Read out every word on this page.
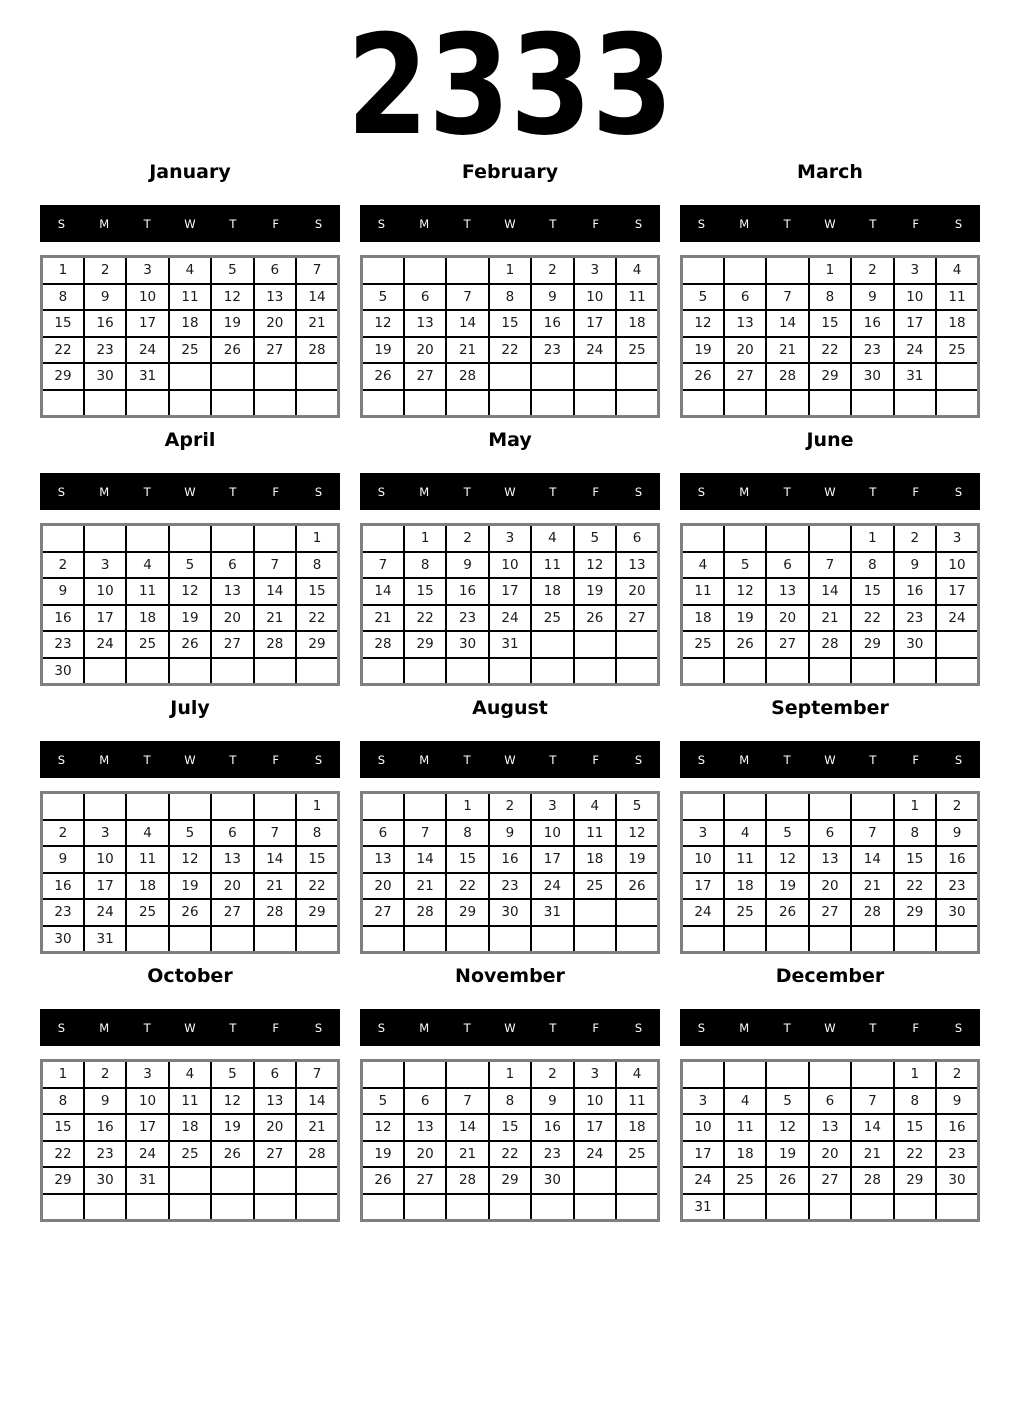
2333
January
S	M	T	W	T	F	S
1	2	3	4	5	6	7
8	9	10	11	12	13	14
15	16	17	18	19	20	21
22	23	24	25	26	27	28
29	30	31				

February
S	M	T	W	T	F	S
			1	2	3	4
5	6	7	8	9	10	11
12	13	14	15	16	17	18
19	20	21	22	23	24	25
26	27	28				

March
S	M	T	W	T	F	S
			1	2	3	4
5	6	7	8	9	10	11
12	13	14	15	16	17	18
19	20	21	22	23	24	25
26	27	28	29	30	31	

April
S	M	T	W	T	F	S
						1
2	3	4	5	6	7	8
9	10	11	12	13	14	15
16	17	18	19	20	21	22
23	24	25	26	27	28	29
30						
May
S	M	T	W	T	F	S
	1	2	3	4	5	6
7	8	9	10	11	12	13
14	15	16	17	18	19	20
21	22	23	24	25	26	27
28	29	30	31			

June
S	M	T	W	T	F	S
				1	2	3
4	5	6	7	8	9	10
11	12	13	14	15	16	17
18	19	20	21	22	23	24
25	26	27	28	29	30	

July
S	M	T	W	T	F	S
						1
2	3	4	5	6	7	8
9	10	11	12	13	14	15
16	17	18	19	20	21	22
23	24	25	26	27	28	29
30	31					
August
S	M	T	W	T	F	S
		1	2	3	4	5
6	7	8	9	10	11	12
13	14	15	16	17	18	19
20	21	22	23	24	25	26
27	28	29	30	31		

September
S	M	T	W	T	F	S
					1	2
3	4	5	6	7	8	9
10	11	12	13	14	15	16
17	18	19	20	21	22	23
24	25	26	27	28	29	30

October
S	M	T	W	T	F	S
1	2	3	4	5	6	7
8	9	10	11	12	13	14
15	16	17	18	19	20	21
22	23	24	25	26	27	28
29	30	31				

November
S	M	T	W	T	F	S
			1	2	3	4
5	6	7	8	9	10	11
12	13	14	15	16	17	18
19	20	21	22	23	24	25
26	27	28	29	30		

December
S	M	T	W	T	F	S
					1	2
3	4	5	6	7	8	9
10	11	12	13	14	15	16
17	18	19	20	21	22	23
24	25	26	27	28	29	30
31						
